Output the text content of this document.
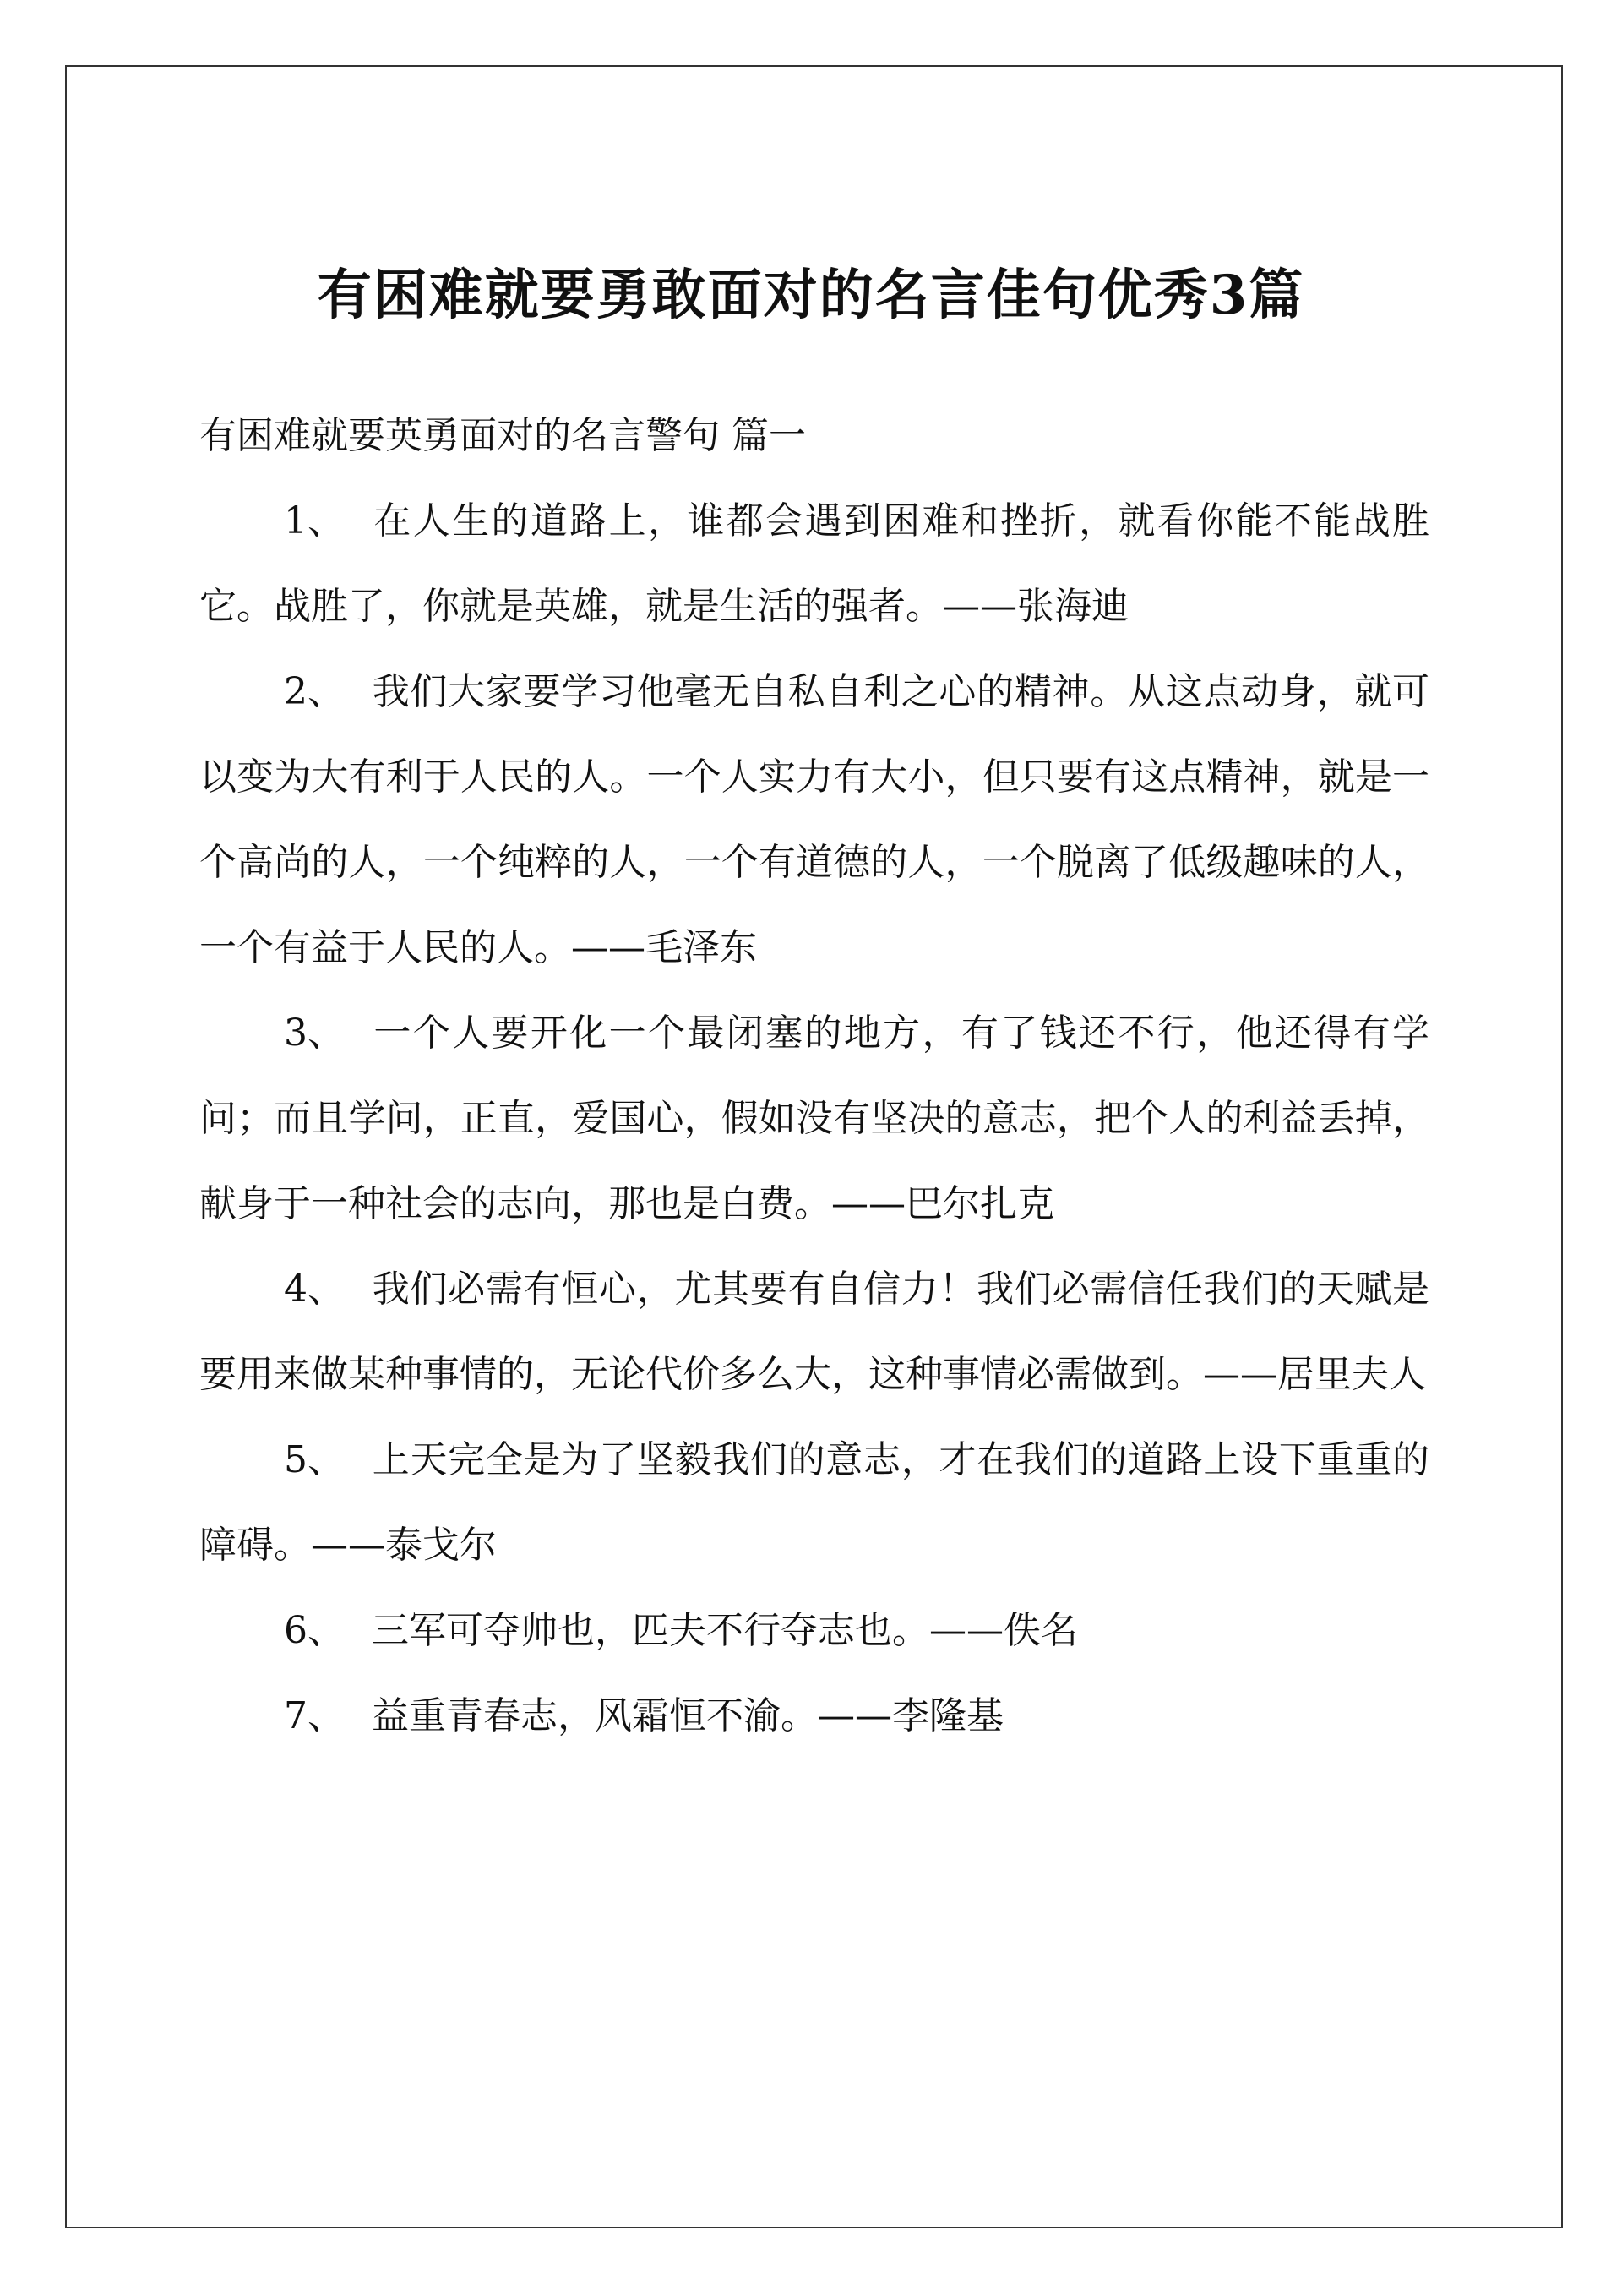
有困难就要勇敢面对的名言佳句优秀3篇
有困难就要英勇面对的名言警句 篇一
1、 在人生的道路上，谁都会遇到困难和挫折，就看你能不能战胜它。战胜了，你就是英雄，就是生活的强者。——张海迪
2、 我们大家要学习他毫无自私自利之心的精神。从这点动身，就可以变为大有利于人民的人。一个人实力有大小，但只要有这点精神，就是一个高尚的人，一个纯粹的人，一个有道德的人，一个脱离了低级趣味的人，一个有益于人民的人。——毛泽东
3、 一个人要开化一个最闭塞的地方，有了钱还不行，他还得有学问；而且学问，正直，爱国心，假如没有坚决的意志，把个人的利益丢掉，献身于一种社会的志向，那也是白费。——巴尔扎克
4、 我们必需有恒心，尤其要有自信力！我们必需信任我们的天赋是要用来做某种事情的，无论代价多么大，这种事情必需做到。——居里夫人
5、 上天完全是为了坚毅我们的意志，才在我们的道路上设下重重的障碍。——泰戈尔
6、 三军可夺帅也，匹夫不行夺志也。——佚名
7、 益重青春志，风霜恒不渝。——李隆基
